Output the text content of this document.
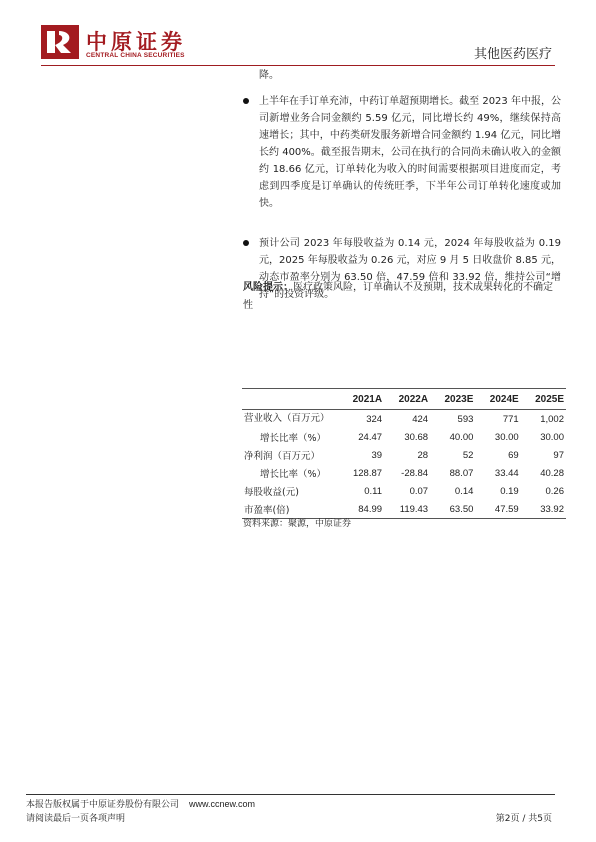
中原证券
CENTRAL CHINA SECURITIES	其他医药医疗
降。
上半年在手订单充沛，中药订单超预期增长。截至 2023 年中报，公司新增业务合同金额约 5.59 亿元，同比增长约 49%，继续保持高速增长；其中，中药类研发服务新增合同金额约 1.94 亿元，同比增长约 400%。截至报告期末，公司在执行的合同尚未确认收入的金额约 18.66 亿元，订单转化为收入的时间需要根据项目进度而定，考虑到四季度是订单确认的传统旺季，下半年公司订单转化速度或加快。
预计公司 2023 年每股收益为 0.14 元，2024 年每股收益为 0.19 元，2025 年每股收益为 0.26 元，对应 9 月 5 日收盘价 8.85 元，动态市盈率分别为 63.50 倍，47.59 倍和 33.92 倍，维持公司“增持”的投资评级。
风险提示：医疗政策风险，订单确认不及预期，技术成果转化的不确定性
	2021A	2022A	2023E	2024E	2025E
营业收入（百万元）	324	424	593	771	1,002
增长比率（%）	24.47	30.68	40.00	30.00	30.00
净利润（百万元）	39	28	52	69	97
增长比率（%）	128.87	-28.84	88.07	33.44	40.28
每股收益(元)	0.11	0.07	0.14	0.19	0.26
市盈率(倍)	84.99	119.43	63.50	47.59	33.92
资料来源：聚源，中原证券
本报告版权属于中原证券股份有限公司 www.ccnew.com
请阅读最后一页各项声明	第2页 / 共5页
